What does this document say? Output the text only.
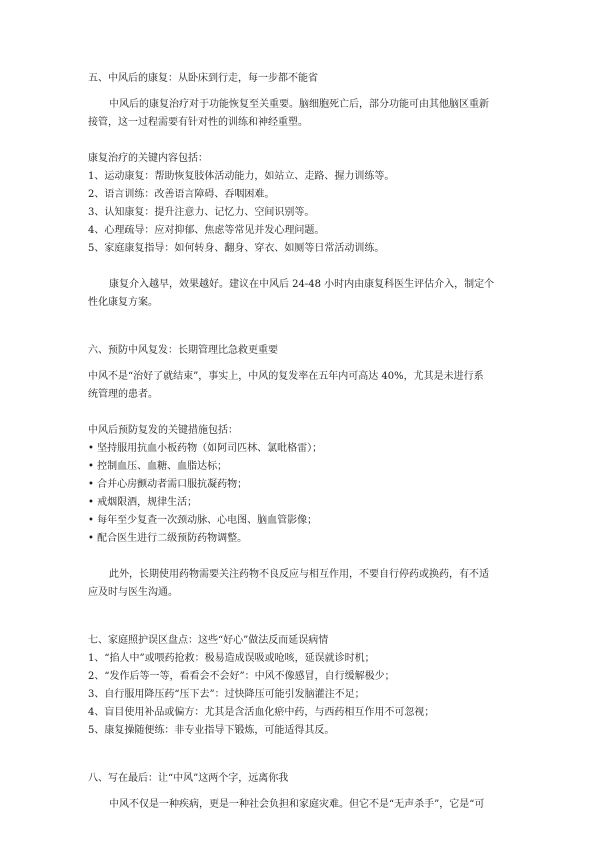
五、中风后的康复：从卧床到行走，每一步都不能省
中风后的康复治疗对于功能恢复至关重要。脑细胞死亡后，部分功能可由其他脑区重新
接管，这一过程需要有针对性的训练和神经重塑。
康复治疗的关键内容包括：
1、运动康复：帮助恢复肢体活动能力，如站立、走路、握力训练等。
2、语言训练：改善语言障碍、吞咽困难。
3、认知康复：提升注意力、记忆力、空间识别等。
4、心理疏导：应对抑郁、焦虑等常见并发心理问题。
5、家庭康复指导：如何转身、翻身、穿衣、如厕等日常活动训练。
康复介入越早，效果越好。建议在中风后 24-48 小时内由康复科医生评估介入，制定个
性化康复方案。
六、预防中风复发：长期管理比急救更重要
中风不是“治好了就结束”，事实上，中风的复发率在五年内可高达 40%，尤其是未进行系
统管理的患者。
中风后预防复发的关键措施包括：
• 坚持服用抗血小板药物（如阿司匹林、氯吡格雷）；
• 控制血压、血糖、血脂达标；
• 合并心房颤动者需口服抗凝药物；
• 戒烟限酒，规律生活；
• 每年至少复查一次颈动脉、心电图、脑血管影像；
• 配合医生进行二级预防药物调整。
此外，长期使用药物需要关注药物不良反应与相互作用，不要自行停药或换药，有不适
应及时与医生沟通。
七、家庭照护误区盘点：这些“好心”做法反而延误病情
1、“掐人中”或喂药抢救：极易造成误吸或呛咳，延误就诊时机；
2、“发作后等一等，看看会不会好”：中风不像感冒，自行缓解极少；
3、自行服用降压药“压下去”：过快降压可能引发脑灌注不足；
4、盲目使用补品或偏方：尤其是含活血化瘀中药，与西药相互作用不可忽视；
5、康复操随便练：非专业指导下锻炼，可能适得其反。
八、写在最后：让“中风”这两个字，远离你我
中风不仅是一种疾病，更是一种社会负担和家庭灾难。但它不是“无声杀手”，它是“可
